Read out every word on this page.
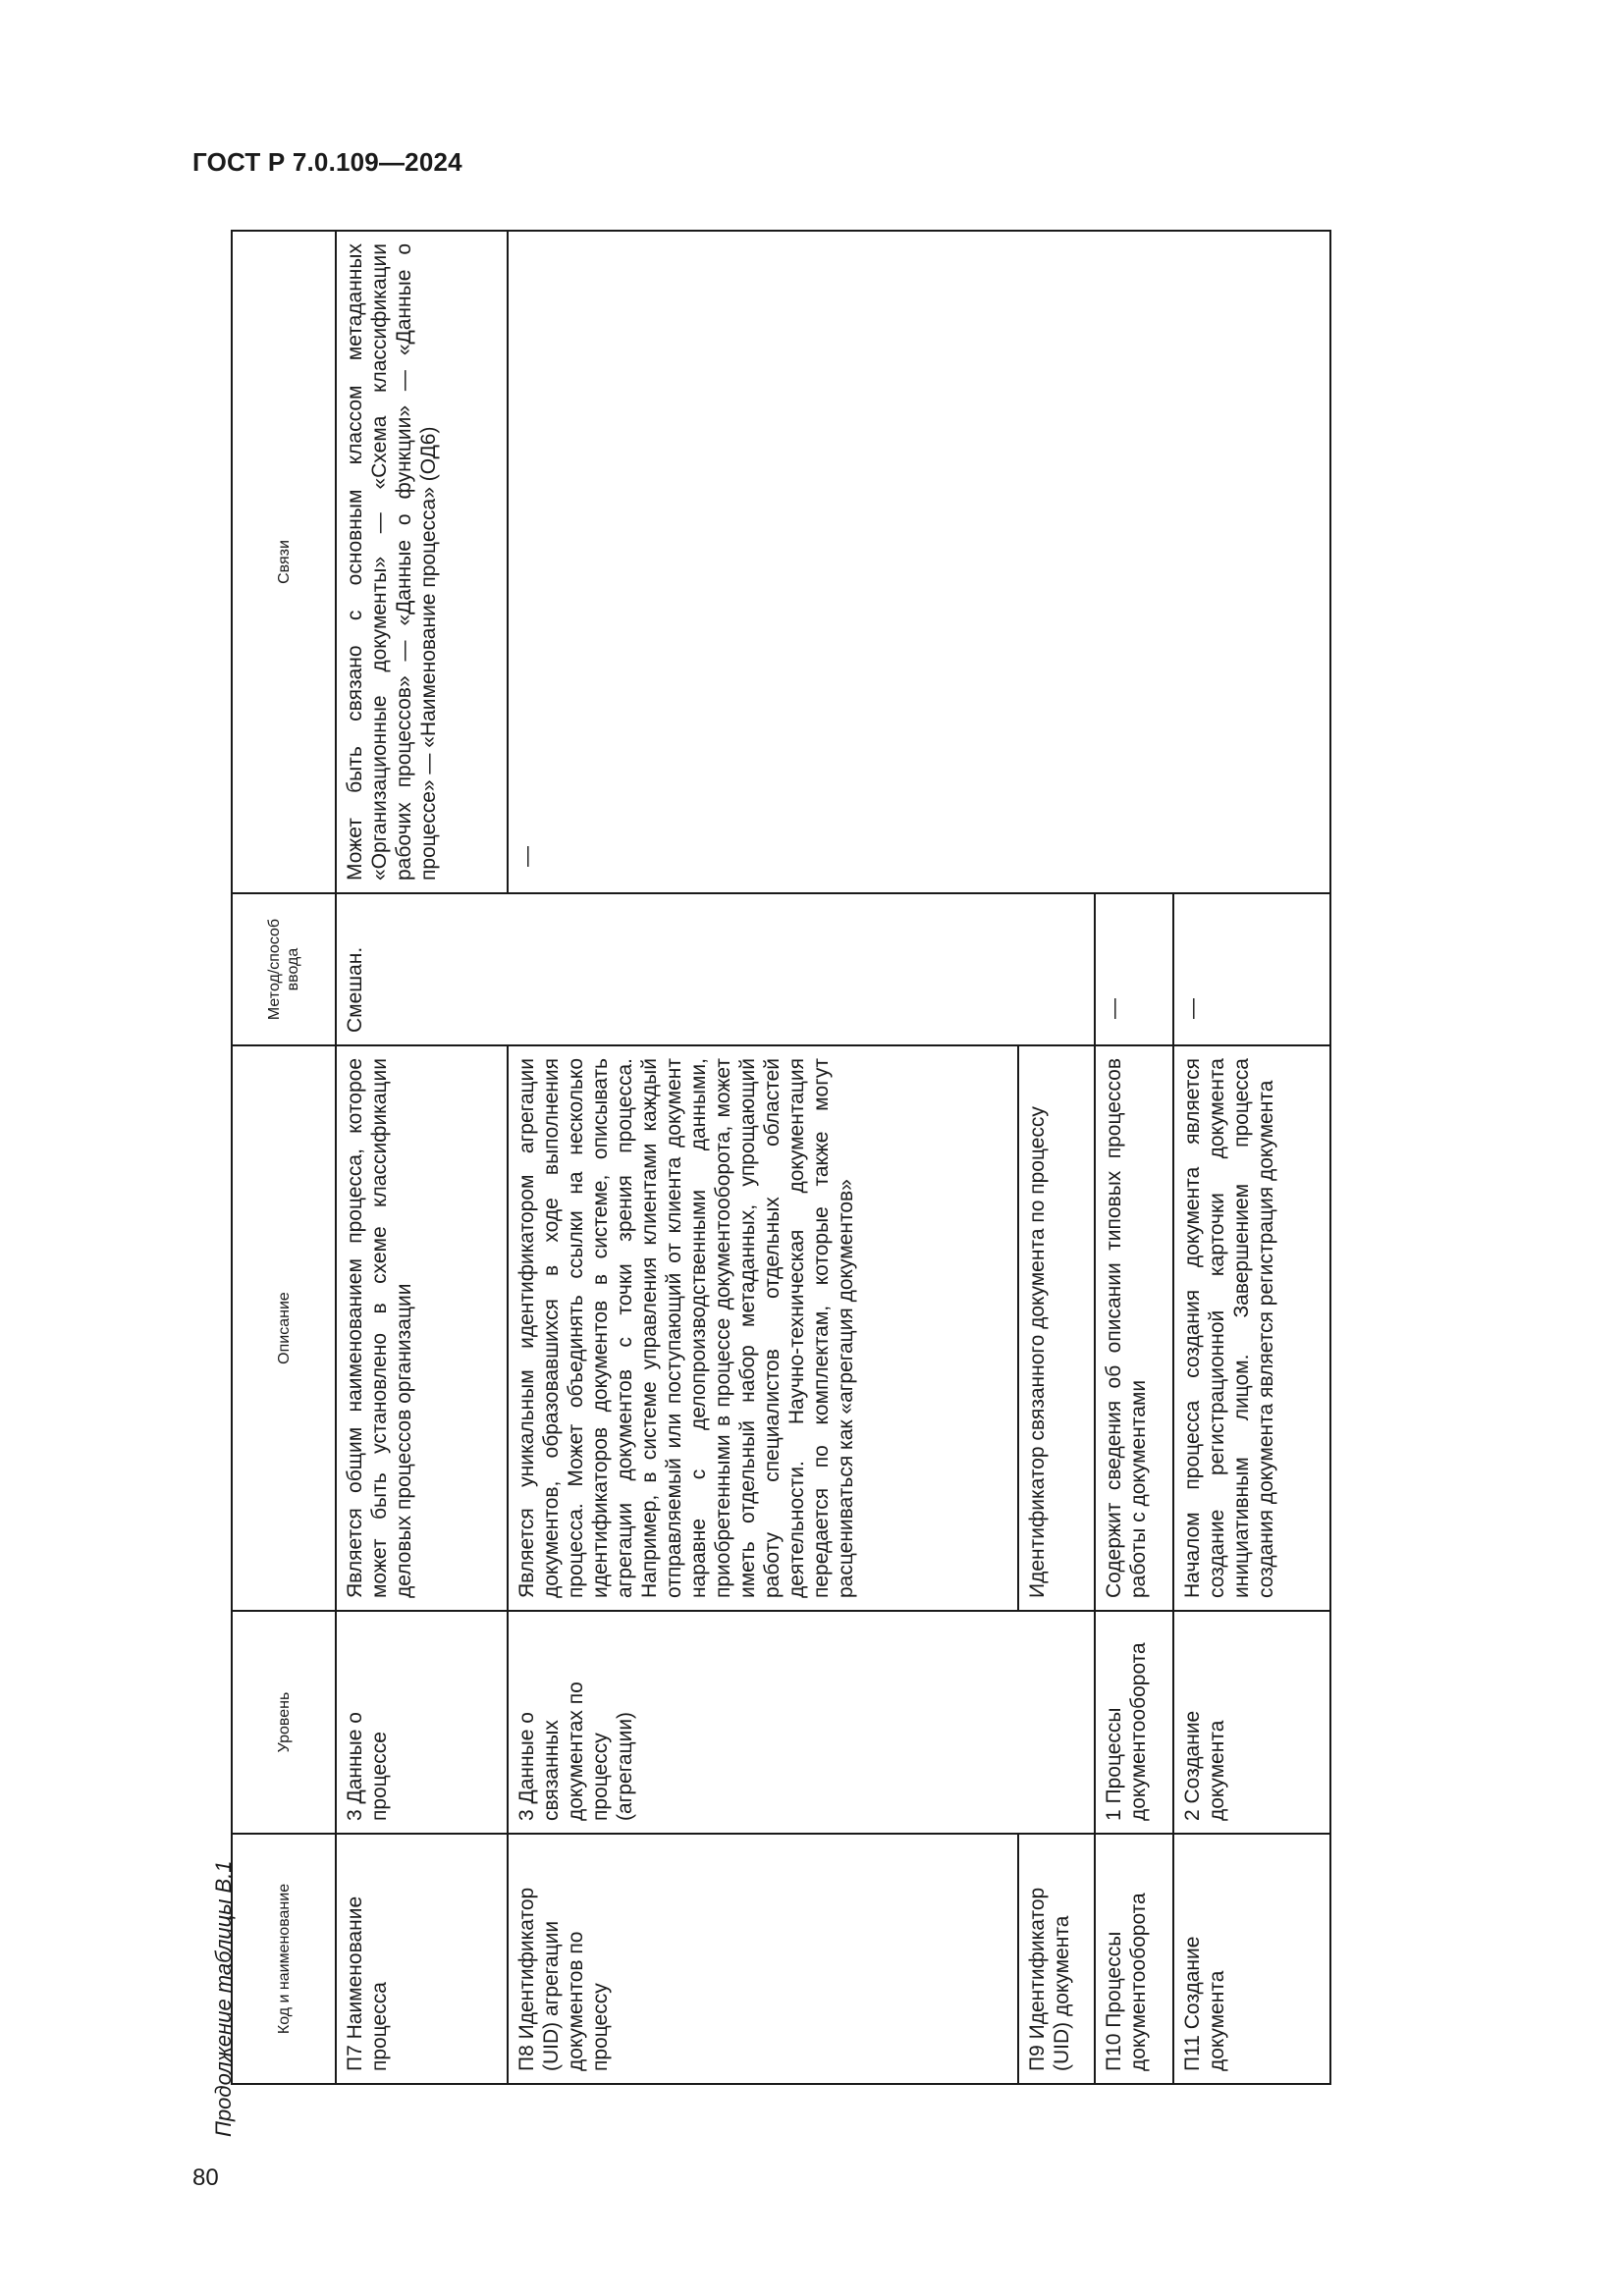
ГОСТ Р 7.0.109—2024
80
Продолжение таблицы В.1	Код и наименование	Уровень	Описание	Метод/способ ввода	Связи
П7 Наименование процесса	3 Данные о процессе	Является общим наименованием процесса, которое может быть установлено в схеме классификации деловых процессов организации	Смешан.	Может быть связано с основным классом метаданных «Организационные документы» — «Схема классификации рабочих процессов» — «Данные о функции» — «Данные о процессе» — «Наименование процесса» (ОД6)
П8 Идентификатор (UID) агрегации документов по процессу	3 Данные о связанных документах по процессу (агрегации)	Является уникальным идентификатором агрегации документов, образовавшихся в ходе выполнения процесса. Может объединять ссылки на несколько идентификаторов документов в системе, описывать агрегации документов с точки зрения процесса. Например, в системе управления клиентами каждый отправляемый или поступающий от клиента документ наравне с делопроизводственными данными, приобретенными в процессе документооборота, может иметь отдельный набор метаданных, упрощающий работу специалистов отдельных областей деятельности. Научно-техническая документация передается по комплектам, которые также могут расцениваться как «агрегация документов»		—
П9 Идентификатор (UID) документа		Идентификатор связанного документа по процессу		
П10 Процессы документооборота	1 Процессы документооборота	Содержит сведения об описании типовых процессов работы с документами	—	
П11 Создание документа	2 Создание документа	Началом процесса создания документа является создание регистрационной карточки документа инициативным лицом. Завершением процесса создания документа является регистрация документа	—	
